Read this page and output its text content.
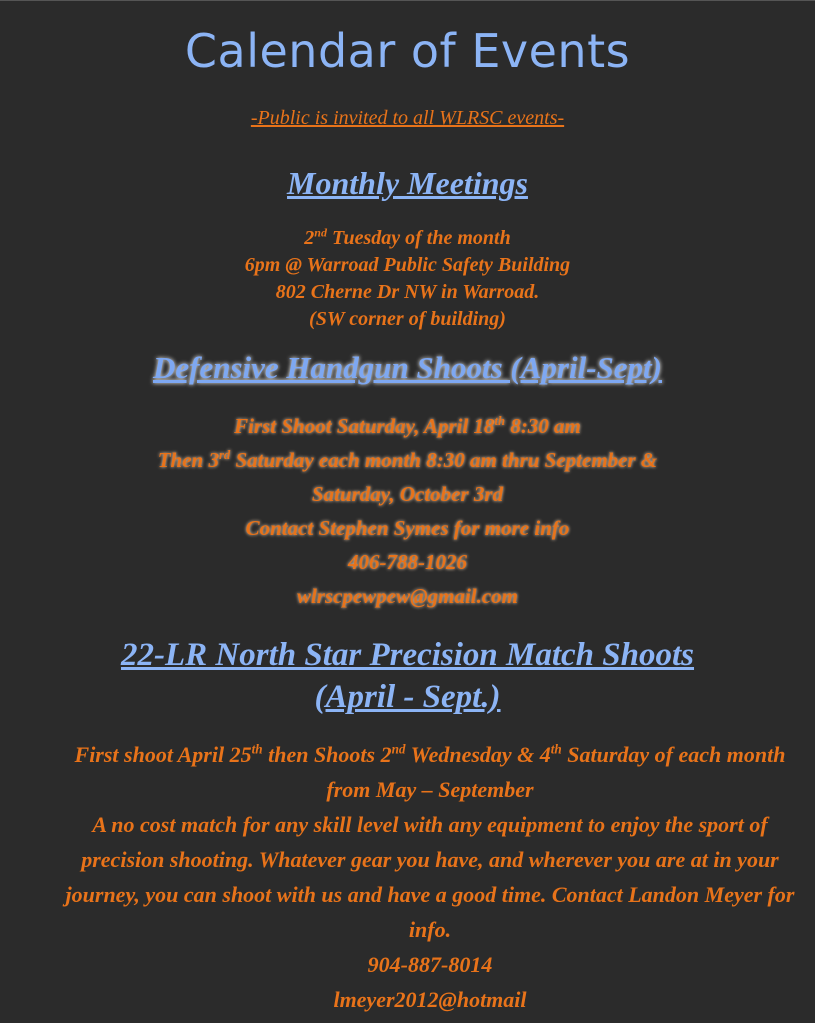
Calendar of Events
-Public is invited to all WLRSC events-
Monthly Meetings
2nd Tuesday of the month
6pm @ Warroad Public Safety Building
802 Cherne Dr NW in Warroad.
(SW corner of building)
Defensive Handgun Shoots (April-Sept)
First Shoot Saturday, April 18th 8:30 am
Then 3rd Saturday each month 8:30 am thru September &
Saturday, October 3rd
Contact Stephen Symes for more info
406-788-1026
wlrscpewpew@gmail.com
22-LR North Star Precision Match Shoots
(April - Sept.)
First shoot April 25th then Shoots 2nd Wednesday & 4th Saturday of each month from May – September
A no cost match for any skill level with any equipment to enjoy the sport of precision shooting. Whatever gear you have, and wherever you are at in your journey, you can shoot with us and have a good time. Contact Landon Meyer for info.
904-887-8014
lmeyer2012@hotmail
